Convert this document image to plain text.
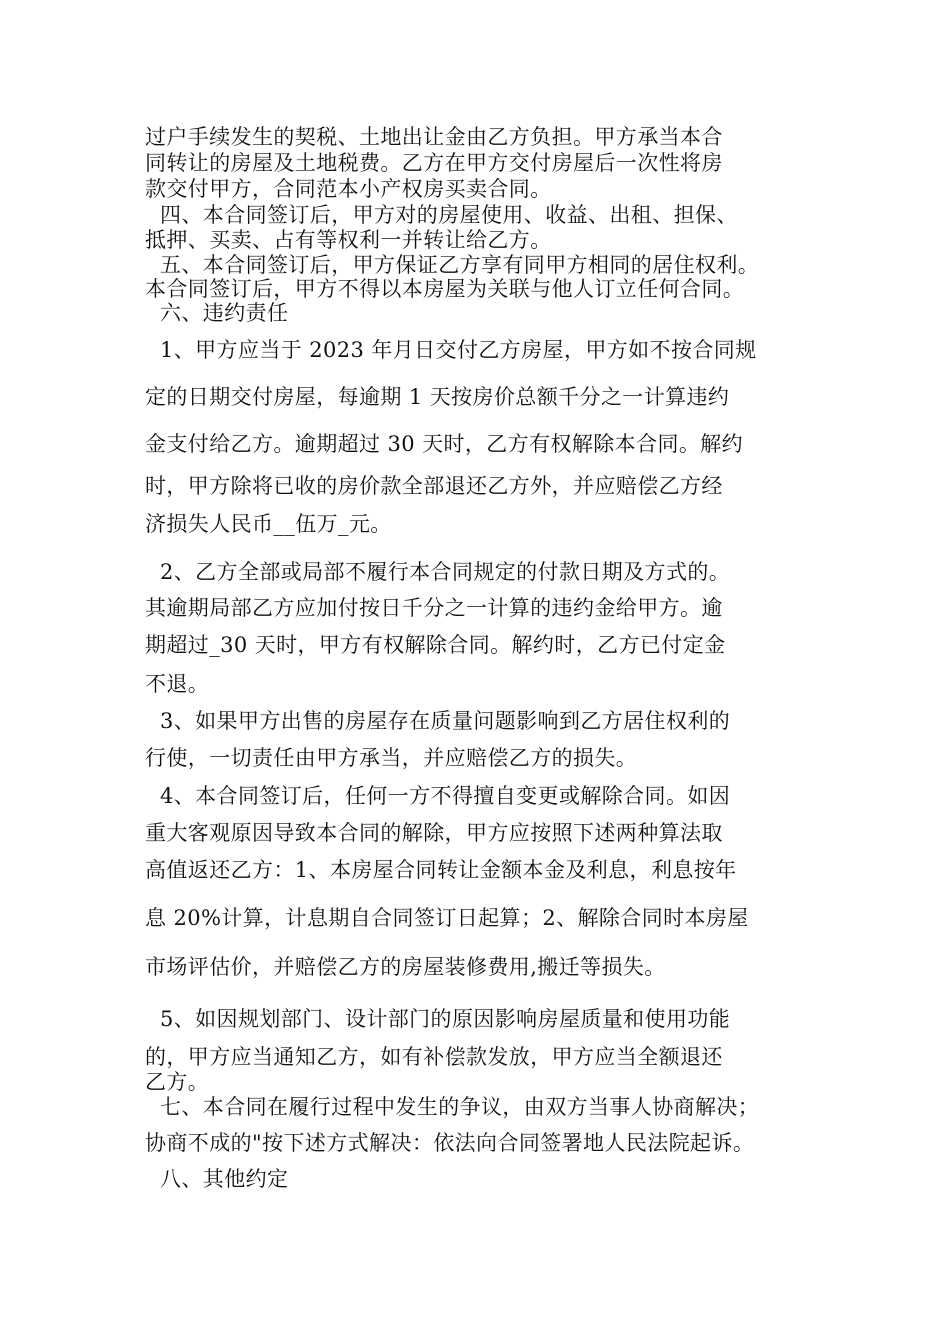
过户手续发生的契税、土地出让金由乙方负担。甲方承当本合
同转让的房屋及土地税费。乙方在甲方交付房屋后一次性将房
款交付甲方，合同范本小产权房买卖合同。
四、本合同签订后，甲方对的房屋使用、收益、出租、担保、
抵押、买卖、占有等权利一并转让给乙方。
五、本合同签订后，甲方保证乙方享有同甲方相同的居住权利。
本合同签订后，甲方不得以本房屋为关联与他人订立任何合同。
六、违约责任
1、甲方应当于 2023 年月日交付乙方房屋，甲方如不按合同规
定的日期交付房屋，每逾期 1 天按房价总额千分之一计算违约
金支付给乙方。逾期超过 30 天时，乙方有权解除本合同。解约
时，甲方除将已收的房价款全部退还乙方外，并应赔偿乙方经
济损失人民币__伍万_元。
2、乙方全部或局部不履行本合同规定的付款日期及方式的。
其逾期局部乙方应加付按日千分之一计算的违约金给甲方。逾
期超过_30 天时，甲方有权解除合同。解约时，乙方已付定金
不退。
3、如果甲方出售的房屋存在质量问题影响到乙方居住权利的
行使，一切责任由甲方承当，并应赔偿乙方的损失。
4、本合同签订后，任何一方不得擅自变更或解除合同。如因
重大客观原因导致本合同的解除，甲方应按照下述两种算法取
高值返还乙方：1、本房屋合同转让金额本金及利息，利息按年
息 20%计算，计息期自合同签订日起算；2、解除合同时本房屋
市场评估价，并赔偿乙方的房屋装修费用,搬迁等损失。
5、如因规划部门、设计部门的原因影响房屋质量和使用功能
的，甲方应当通知乙方，如有补偿款发放，甲方应当全额退还
乙方。
七、本合同在履行过程中发生的争议，由双方当事人协商解决；
协商不成的"按下述方式解决：依法向合同签署地人民法院起诉。
八、其他约定
